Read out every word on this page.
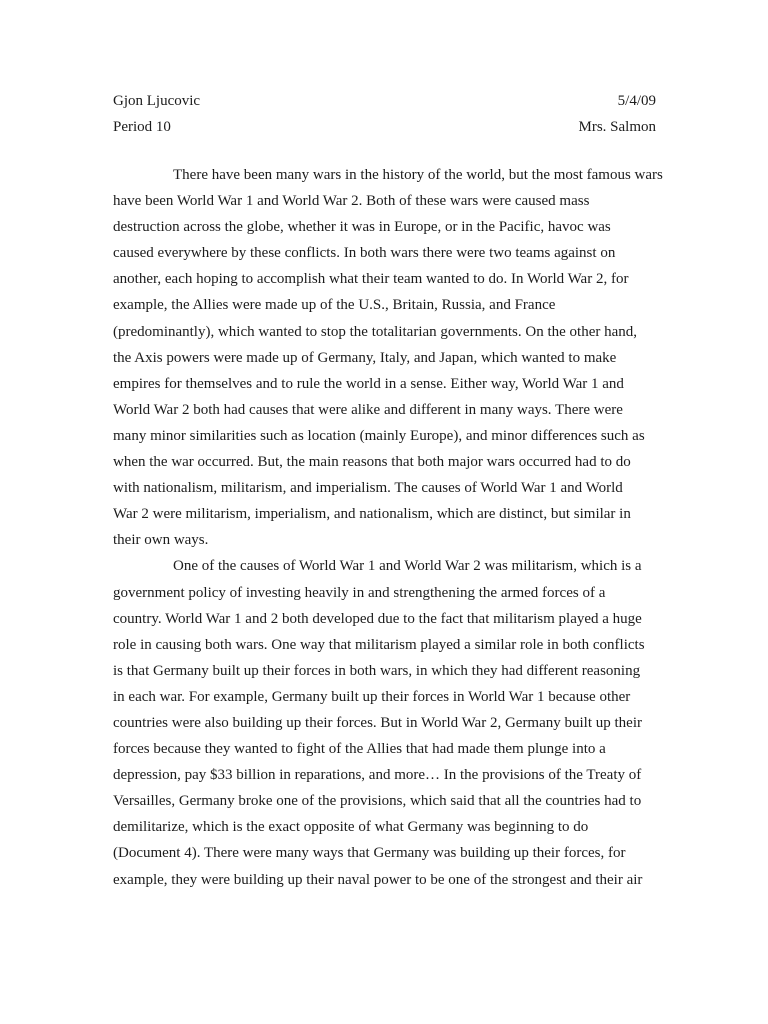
Gjon Ljucovic	5/4/09
Period 10	Mrs. Salmon
There have been many wars in the history of the world, but the most famous wars
have been World War 1 and World War 2. Both of these wars were caused mass
destruction across the globe, whether it was in Europe, or in the Pacific, havoc was
caused everywhere by these conflicts. In both wars there were two teams against on
another, each hoping to accomplish what their team wanted to do. In World War 2, for
example, the Allies were made up of the U.S., Britain, Russia, and France
(predominantly), which wanted to stop the totalitarian governments. On the other hand,
the Axis powers were made up of Germany, Italy, and Japan, which wanted to make
empires for themselves and to rule the world in a sense. Either way, World War 1 and
World War 2 both had causes that were alike and different in many ways. There were
many minor similarities such as location (mainly Europe), and minor differences such as
when the war occurred. But, the main reasons that both major wars occurred had to do
with nationalism, militarism, and imperialism. The causes of World War 1 and World
War 2 were militarism, imperialism, and nationalism, which are distinct, but similar in
their own ways.
One of the causes of World War 1 and World War 2 was militarism, which is a
government policy of investing heavily in and strengthening the armed forces of a
country. World War 1 and 2 both developed due to the fact that militarism played a huge
role in causing both wars. One way that militarism played a similar role in both conflicts
is that Germany built up their forces in both wars, in which they had different reasoning
in each war. For example, Germany built up their forces in World War 1 because other
countries were also building up their forces. But in World War 2, Germany built up their
forces because they wanted to fight of the Allies that had made them plunge into a
depression, pay $33 billion in reparations, and more… In the provisions of the Treaty of
Versailles, Germany broke one of the provisions, which said that all the countries had to
demilitarize, which is the exact opposite of what Germany was beginning to do
(Document 4). There were many ways that Germany was building up their forces, for
example, they were building up their naval power to be one of the strongest and their air
